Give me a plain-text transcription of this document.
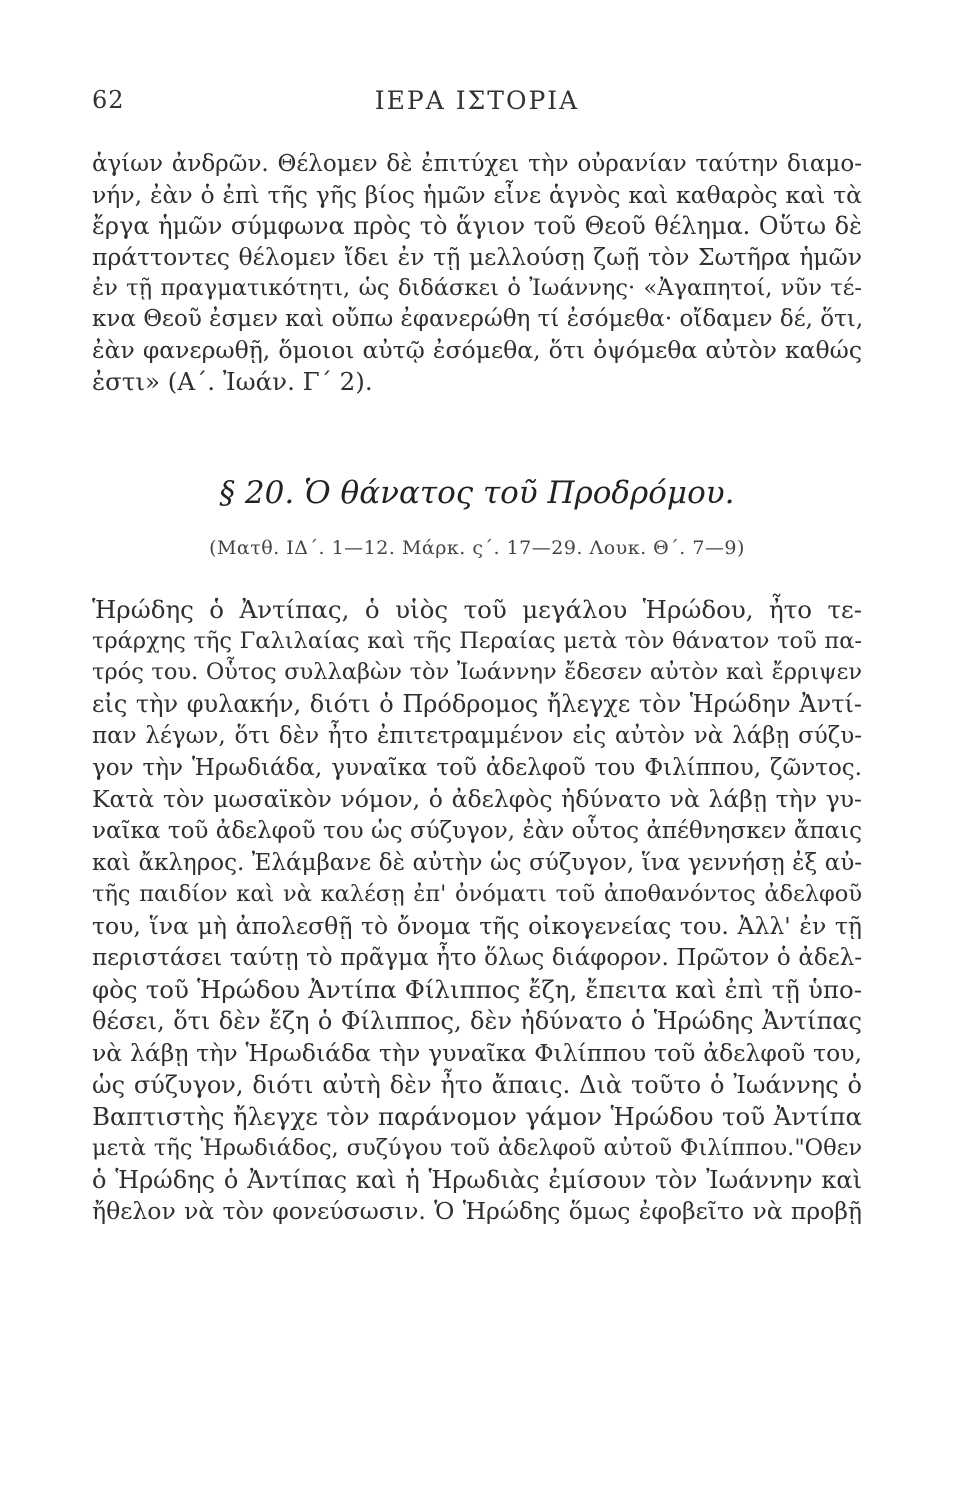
62	ΙΕΡΑ ΙΣΤΟΡΙΑ
ἁγίων ἀνδρῶν. Θέλομεν δὲ ἐπιτύχει τὴν οὐρανίαν ταύτην διαμο-
νήν, ἐὰν ὁ ἐπὶ τῆς γῆς βίος ἡμῶν εἶνε ἁγνὸς καὶ καθαρὸς καὶ τὰ
ἔργα ἡμῶν σύμφωνα πρὸς τὸ ἅγιον τοῦ Θεοῦ θέλημα. Οὕτω δὲ
πράττοντες θέλομεν ἴδει ἐν τῇ μελλούσῃ ζωῇ τὸν Σωτῆρα ἡμῶν
ἐν τῇ πραγματικότητι, ὡς διδάσκει ὁ Ἰωάννης· «Ἀγαπητοί, νῦν τέ-
κνα Θεοῦ ἐσμεν καὶ οὔπω ἐφανερώθη τί ἐσόμεθα· οἴδαμεν δέ, ὅτι,
ἐὰν φανερωθῇ, ὅμοιοι αὐτῷ ἐσόμεθα, ὅτι ὀψόμεθα αὐτὸν καθώς
ἐστι» (Α΄. Ἰωάν. Γ΄ 2).
§ 20. Ὁ θάνατος τοῦ Προδρόμου.
(Ματθ. ΙΔ΄. 1—12. Μάρκ. ς΄. 17—29. Λουκ. Θ΄. 7—9)
Ἡρώδης ὁ Ἀντίπας, ὁ υἱὸς τοῦ μεγάλου Ἡρώδου, ἦτο τε-
τράρχης τῆς Γαλιλαίας καὶ τῆς Περαίας μετὰ τὸν θάνατον τοῦ πα-
τρός του. Οὗτος συλλαβὼν τὸν Ἰωάννην ἔδεσεν αὐτὸν καὶ ἔρριψεν
εἰς τὴν φυλακήν, διότι ὁ Πρόδρομος ἤλεγχε τὸν Ἡρώδην Ἀντί-
παν λέγων, ὅτι δὲν ἦτο ἐπιτετραμμένον εἰς αὐτὸν νὰ λάβῃ σύζυ-
γον τὴν Ἡρωδιάδα, γυναῖκα τοῦ ἀδελφοῦ του Φιλίππου, ζῶντος.
Κατὰ τὸν μωσαϊκὸν νόμον, ὁ ἀδελφὸς ἠδύνατο νὰ λάβῃ τὴν γυ-
ναῖκα τοῦ ἀδελφοῦ του ὡς σύζυγον, ἐὰν οὗτος ἀπέθνησκεν ἄπαις
καὶ ἄκληρος. Ἐλάμβανε δὲ αὐτὴν ὡς σύζυγον, ἵνα γεννήσῃ ἐξ αὐ-
τῆς παιδίον καὶ νὰ καλέσῃ ἐπ' ὀνόματι τοῦ ἀποθανόντος ἀδελφοῦ
του, ἵνα μὴ ἀπολεσθῇ τὸ ὄνομα τῆς οἰκογενείας του. Ἀλλ' ἐν τῇ
περιστάσει ταύτῃ τὸ πρᾶγμα ἦτο ὅλως διάφορον. Πρῶτον ὁ ἀδελ-
φὸς τοῦ Ἡρώδου Ἀντίπα Φίλιππος ἔζη, ἔπειτα καὶ ἐπὶ τῇ ὑπο-
θέσει, ὅτι δὲν ἔζη ὁ Φίλιππος, δὲν ἠδύνατο ὁ Ἡρώδης Ἀντίπας
νὰ λάβῃ τὴν Ἡρωδιάδα τὴν γυναῖκα Φιλίππου τοῦ ἀδελφοῦ του,
ὡς σύζυγον, διότι αὐτὴ δὲν ἦτο ἄπαις. Διὰ τοῦτο ὁ Ἰωάννης ὁ
Βαπτιστὴς ἤλεγχε τὸν παράνομον γάμον Ἡρώδου τοῦ Ἀντίπα
μετὰ τῆς Ἡρωδιάδος, συζύγου τοῦ ἀδελφοῦ αὐτοῦ Φιλίππου."Οθεν
ὁ Ἡρώδης ὁ Ἀντίπας καὶ ἡ Ἡρωδιὰς ἐμίσουν τὸν Ἰωάννην καὶ
ἤθελον νὰ τὸν φονεύσωσιν. Ὁ Ἡρώδης ὅμως ἐφοβεῖτο νὰ προβῇ
